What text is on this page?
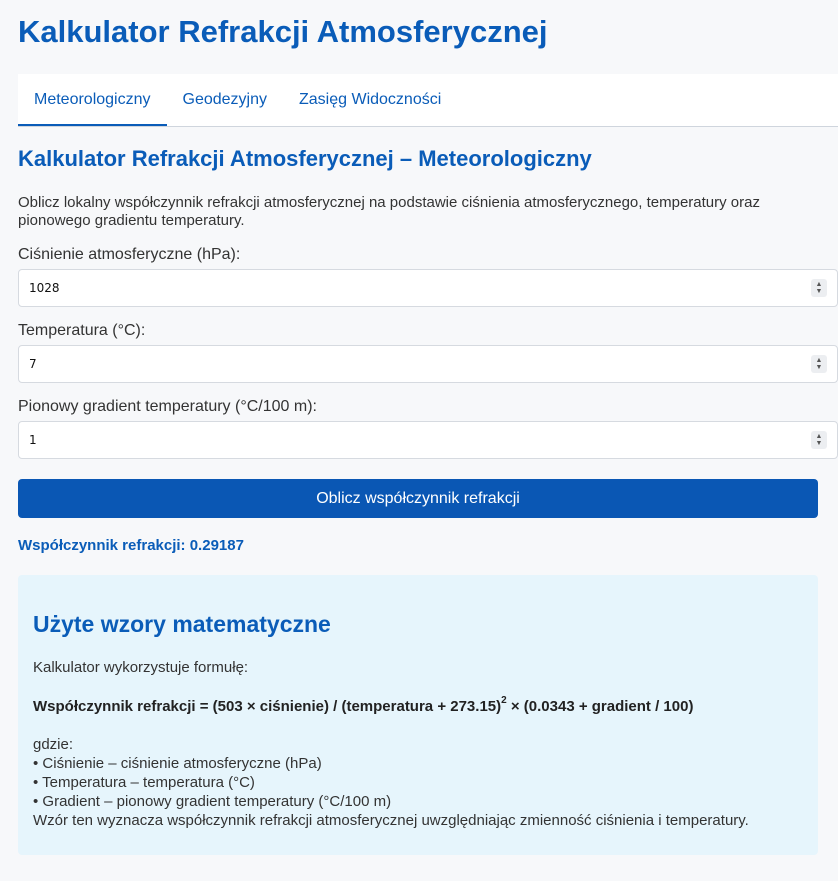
Kalkulator Refrakcji Atmosferycznej
Meteorologiczny	Geodezyjny	Zasięg Widoczności
Kalkulator Refrakcji Atmosferycznej – Meteorologiczny

Oblicz lokalny współczynnik refrakcji atmosferycznej na podstawie ciśnienia atmosferycznego, temperatury oraz pionowego gradientu temperatury.

Ciśnienie atmosferyczne (hPa):

1028
▲
▼

Temperatura (°C):

7
▲
▼

Pionowy gradient temperatury (°C/100 m):

1
▲
▼
Oblicz współczynnik refrakcji

Współczynnik refrakcji: 0.29187

Użyte wzory matematyczne

Kalkulator wykorzystuje formułę:

Współczynnik refrakcji = (503 × ciśnienie) / (temperatura + 273.15)$^2$ × (0.0343 + gradient / 100)

gdzie:
• Ciśnienie – ciśnienie atmosferyczne (hPa)
• Temperatura – temperatura (°C)
• Gradient – pionowy gradient temperatury (°C/100 m)
Wzór ten wyznacza współczynnik refrakcji atmosferycznej uwzględniając zmienność ciśnienia i temperatury.
